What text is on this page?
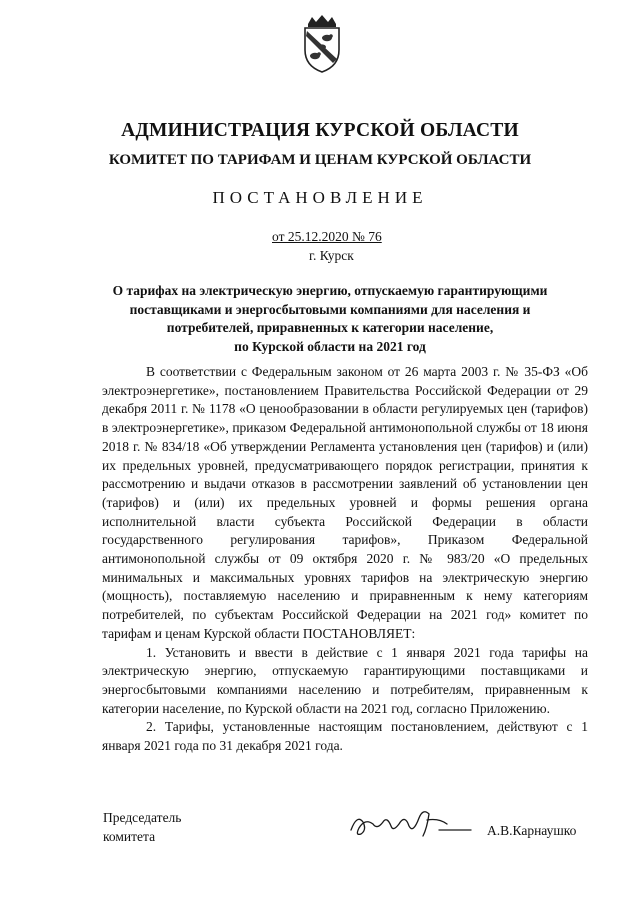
АДМИНИСТРАЦИЯ КУРСКОЙ ОБЛАСТИ
КОМИТЕТ ПО ТАРИФАМ И ЦЕНАМ КУРСКОЙ ОБЛАСТИ
ПОСТАНОВЛЕНИЕ
от 25.12.2020 № 76
г. Курск
О тарифах на электрическую энергию, отпускаемую гарантирующими
поставщиками и энергосбытовыми компаниями для населения и
потребителей, приравненных к категории население,
по Курской области на 2021 год

В соответствии с Федеральным законом от 26 марта 2003 г. № 35-ФЗ «Об электроэнергетике», постановлением Правительства Российской Федерации от 29 декабря 2011 г. № 1178 «О ценообразовании в области регулируемых цен (тарифов) в электроэнергетике», приказом Федеральной антимонопольной службы от 18 июня 2018 г. № 834/18 «Об утверждении Регламента установления цен (тарифов) и (или) их предельных уровней, предусматривающего порядок регистрации, принятия к рассмотрению и выдачи отказов в рассмотрении заявлений об установлении цен (тарифов) и (или) их предельных уровней и формы решения органа исполнительной власти субъекта Российской Федерации в области государственного регулирования тарифов», Приказом Федеральной антимонопольной службы от 09 октября 2020 г. № 983/20 «О предельных минимальных и максимальных уровнях тарифов на электрическую энергию (мощность), поставляемую населению и приравненным к нему категориям потребителей, по субъектам Российской Федерации на 2021 год» комитет по тарифам и ценам Курской области ПОСТАНОВЛЯЕТ:

1. Установить и ввести в действие с 1 января 2021 года тарифы на электрическую энергию, отпускаемую гарантирующими поставщиками и энергосбытовыми компаниями населению и потребителям, приравненным к категории население, по Курской области на 2021 год, согласно Приложению.

2. Тарифы, установленные настоящим постановлением, действуют с 1 января 2021 года по 31 декабря 2021 года.

Председатель
комитета	А.В.Карнаушко
